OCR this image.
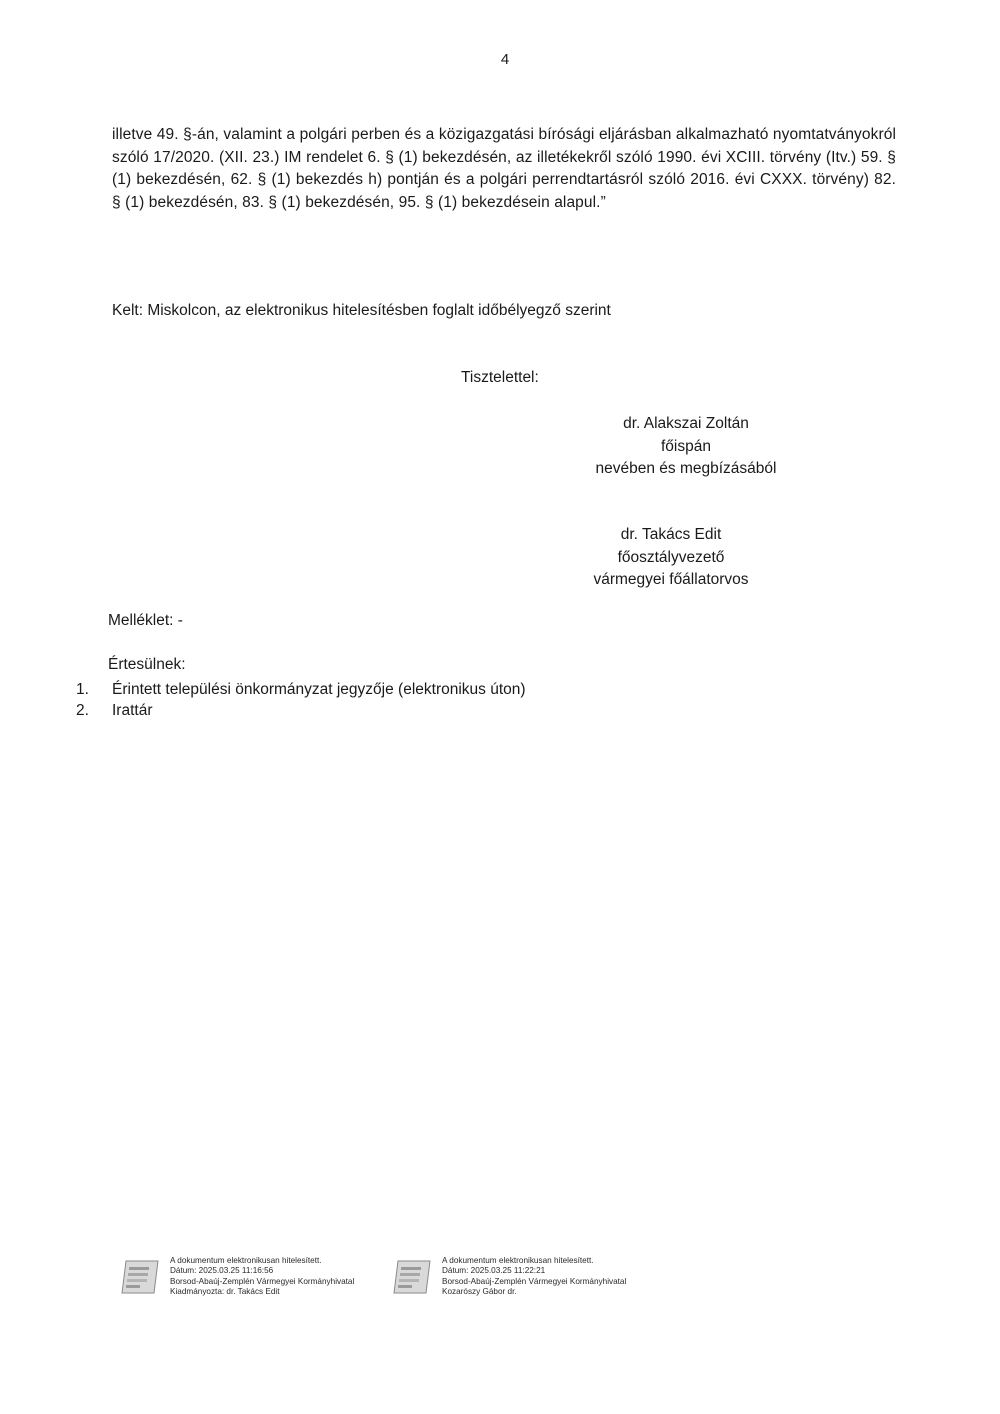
4
illetve 49. §-án, valamint a polgári perben és a közigazgatási bírósági eljárásban alkalmazható nyomtatványokról szóló 17/2020. (XII. 23.) IM rendelet 6. § (1) bekezdésén, az illetékekről szóló 1990. évi XCIII. törvény (Itv.) 59. § (1) bekezdésén, 62. § (1) bekezdés h) pontján és a polgári perrendtartásról szóló 2016. évi CXXX. törvény) 82. § (1) bekezdésén, 83. § (1) bekezdésén, 95. § (1) bekezdésein alapul.”
Kelt: Miskolcon, az elektronikus hitelesítésben foglalt időbélyegző szerint
Tisztelettel:
dr. Alakszai Zoltán
főispán
nevében és megbízásából
dr. Takács Edit
főosztályvezető
vármegyei főállatorvos
Melléklet: -
Értesülnek:
1.	Érintett települési önkormányzat jegyzője (elektronikus úton)
2.	Irattár
A dokumentum elektronikusan hitelesített.
Dátum: 2025.03.25 11:16:56
Borsod-Abaúj-Zemplén Vármegyei Kormányhivatal
Kiadmányozta: dr. Takács Edit
A dokumentum elektronikusan hitelesített.
Dátum: 2025.03.25 11:22:21
Borsod-Abaúj-Zemplén Vármegyei Kormányhivatal
Kozarószy Gábor dr.
